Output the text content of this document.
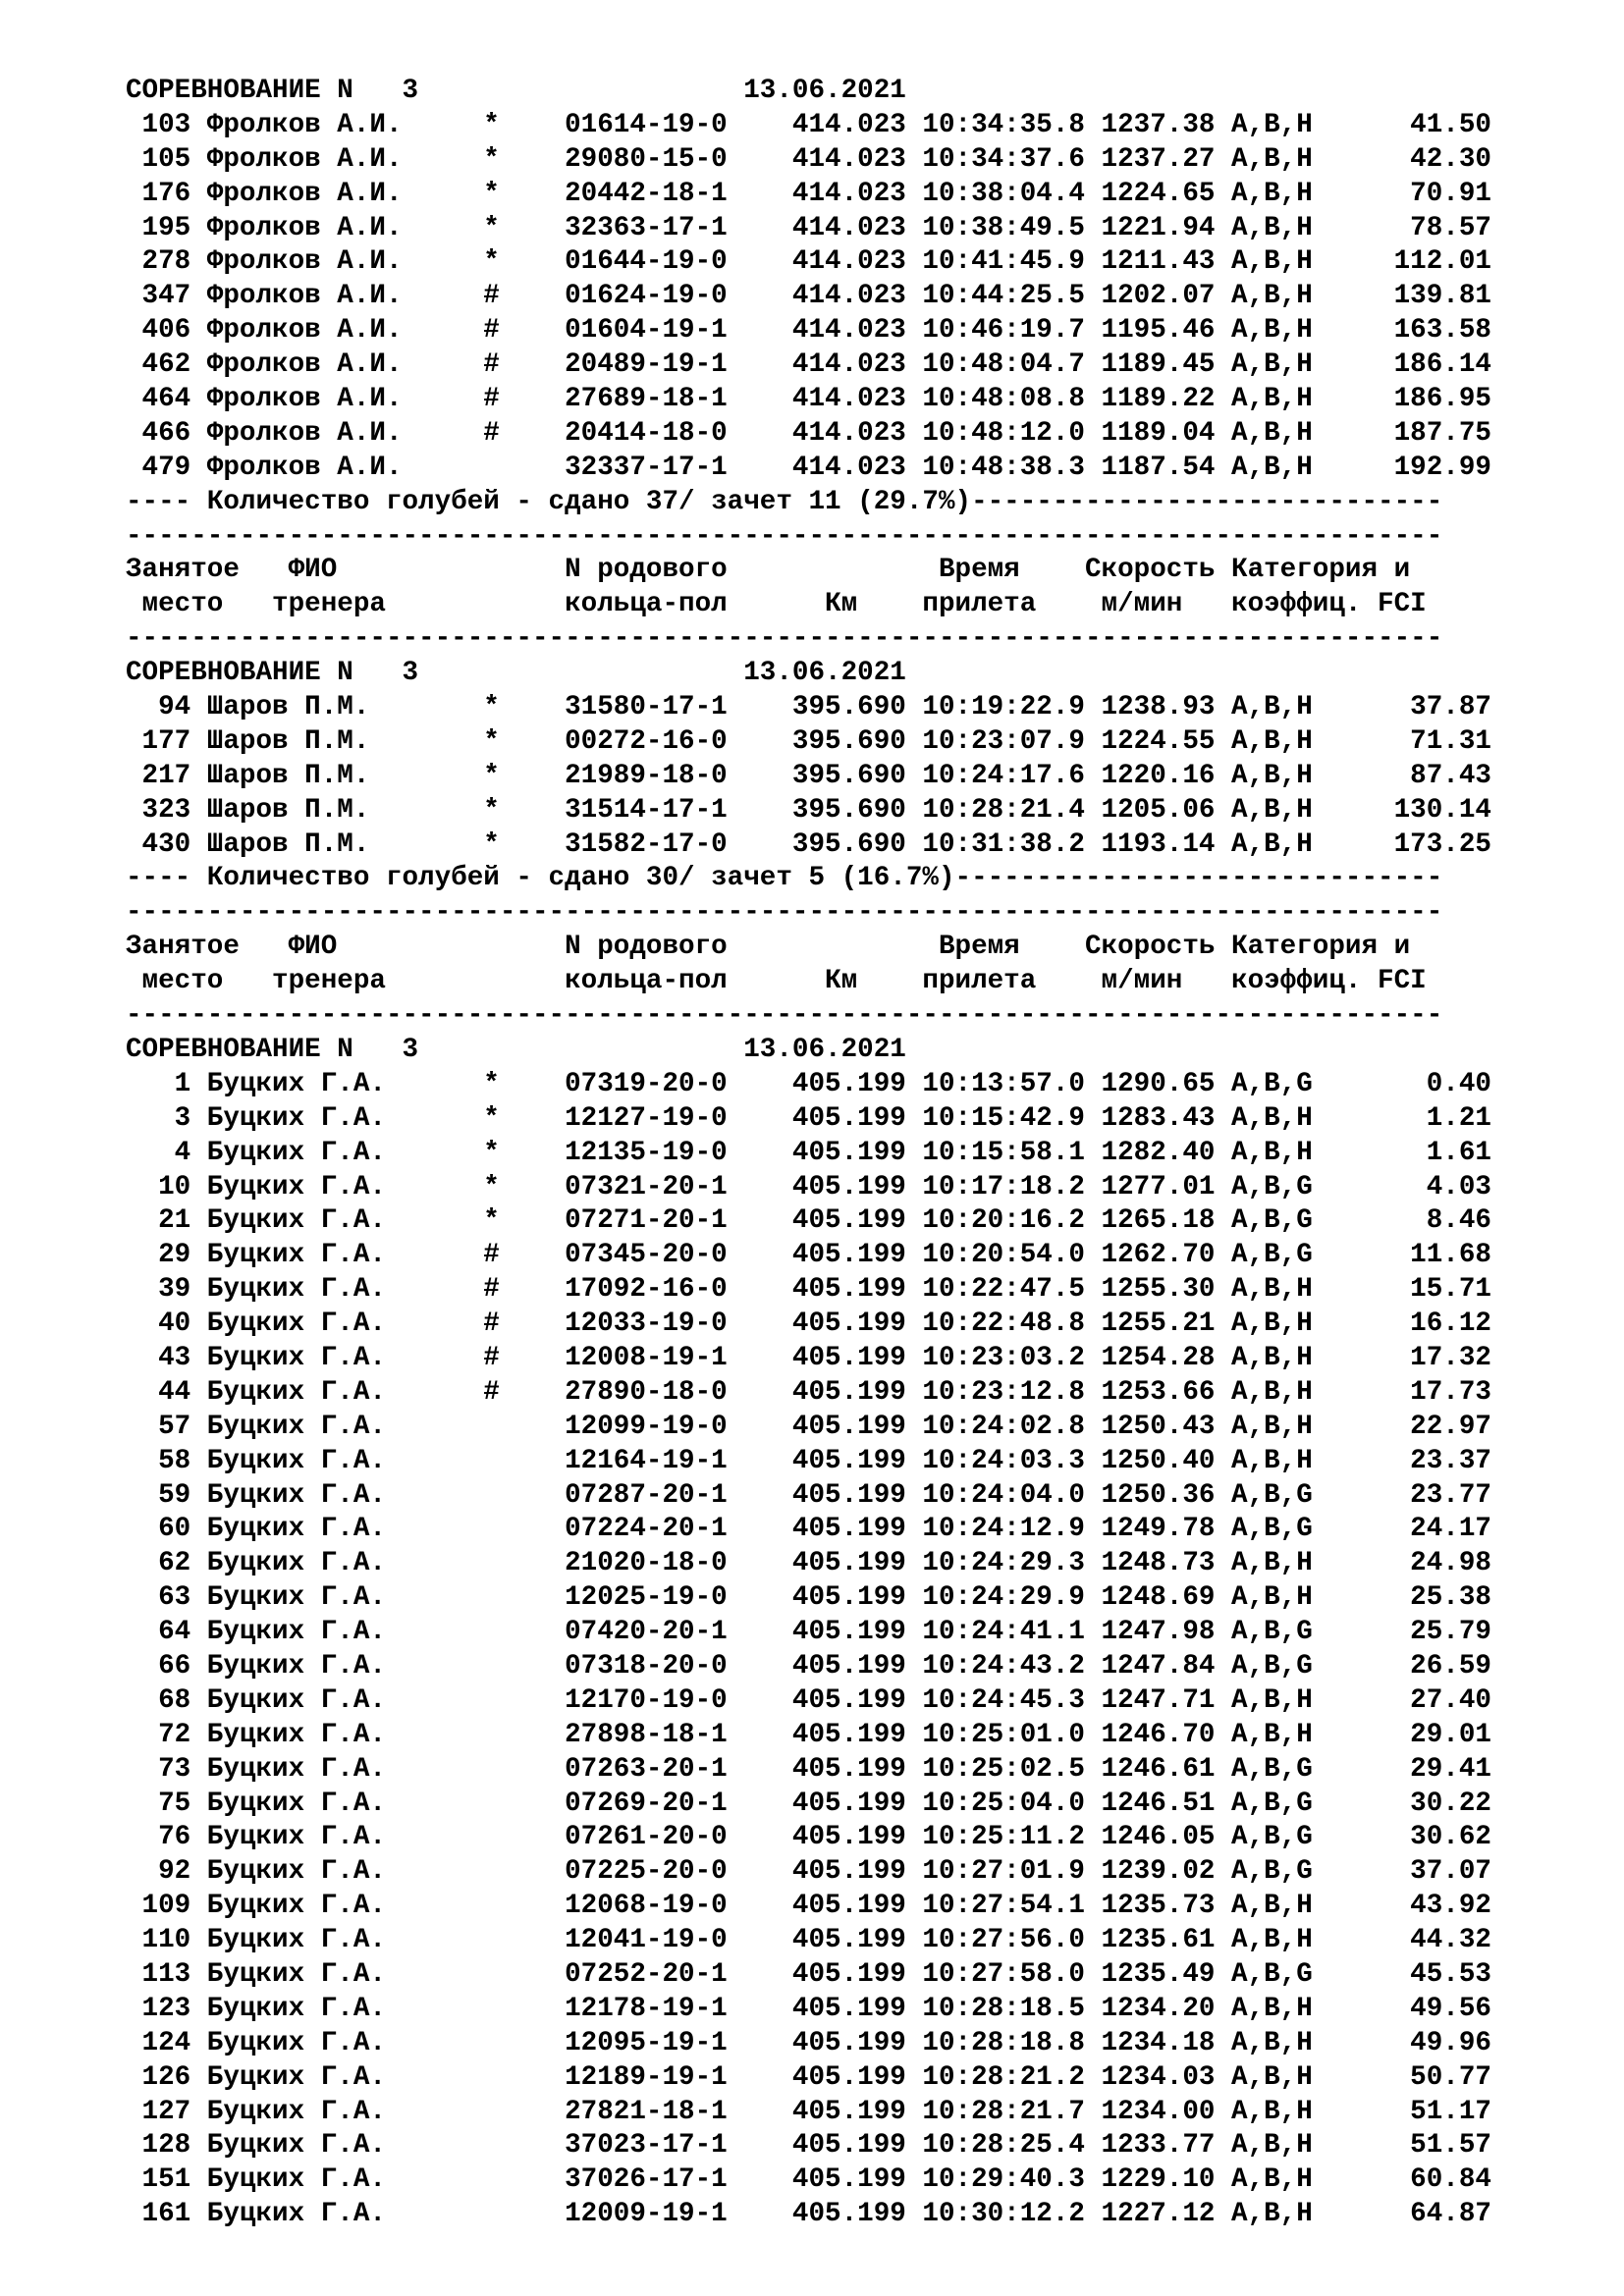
СОРЕВНОВАНИЕ N   3                    13.06.2021
103 Фролков А.И.     *    01614-19-0    414.023 10:34:35.8 1237.38 A,B,H      41.50
105 Фролков А.И.     *    29080-15-0    414.023 10:34:37.6 1237.27 A,B,H      42.30
176 Фролков А.И.     *    20442-18-1    414.023 10:38:04.4 1224.65 A,B,H      70.91
195 Фролков А.И.     *    32363-17-1    414.023 10:38:49.5 1221.94 A,B,H      78.57
278 Фролков А.И.     *    01644-19-0    414.023 10:41:45.9 1211.43 A,B,H     112.01
347 Фролков А.И.     #    01624-19-0    414.023 10:44:25.5 1202.07 A,B,H     139.81
406 Фролков А.И.     #    01604-19-1    414.023 10:46:19.7 1195.46 A,B,H     163.58
462 Фролков А.И.     #    20489-19-1    414.023 10:48:04.7 1189.45 A,B,H     186.14
464 Фролков А.И.     #    27689-18-1    414.023 10:48:08.8 1189.22 A,B,H     186.95
466 Фролков А.И.     #    20414-18-0    414.023 10:48:12.0 1189.04 A,B,H     187.75
479 Фролков А.И.          32337-17-1    414.023 10:48:38.3 1187.54 A,B,H     192.99
---- Количество голубей - сдано 37/ зачет 11 (29.7%)-----------------------------
---------------------------------------------------------------------------------
Занятое   ФИО              N родового             Время    Скорость Категория и
место   тренера           кольца-пол      Км    прилета    м/мин   коэффиц. FCI
---------------------------------------------------------------------------------
СОРЕВНОВАНИЕ N   3                    13.06.2021
94 Шаров П.М.       *    31580-17-1    395.690 10:19:22.9 1238.93 A,B,H      37.87
177 Шаров П.М.       *    00272-16-0    395.690 10:23:07.9 1224.55 A,B,H      71.31
217 Шаров П.М.       *    21989-18-0    395.690 10:24:17.6 1220.16 A,B,H      87.43
323 Шаров П.М.       *    31514-17-1    395.690 10:28:21.4 1205.06 A,B,H     130.14
430 Шаров П.М.       *    31582-17-0    395.690 10:31:38.2 1193.14 A,B,H     173.25
---- Количество голубей - сдано 30/ зачет 5 (16.7%)------------------------------
---------------------------------------------------------------------------------
Занятое   ФИО              N родового             Время    Скорость Категория и
место   тренера           кольца-пол      Км    прилета    м/мин   коэффиц. FCI
---------------------------------------------------------------------------------
СОРЕВНОВАНИЕ N   3                    13.06.2021
1 Буцких Г.А.      *    07319-20-0    405.199 10:13:57.0 1290.65 A,B,G       0.40
3 Буцких Г.А.      *    12127-19-0    405.199 10:15:42.9 1283.43 A,B,H       1.21
4 Буцких Г.А.      *    12135-19-0    405.199 10:15:58.1 1282.40 A,B,H       1.61
10 Буцких Г.А.      *    07321-20-1    405.199 10:17:18.2 1277.01 A,B,G       4.03
21 Буцких Г.А.      *    07271-20-1    405.199 10:20:16.2 1265.18 A,B,G       8.46
29 Буцких Г.А.      #    07345-20-0    405.199 10:20:54.0 1262.70 A,B,G      11.68
39 Буцких Г.А.      #    17092-16-0    405.199 10:22:47.5 1255.30 A,B,H      15.71
40 Буцких Г.А.      #    12033-19-0    405.199 10:22:48.8 1255.21 A,B,H      16.12
43 Буцких Г.А.      #    12008-19-1    405.199 10:23:03.2 1254.28 A,B,H      17.32
44 Буцких Г.А.      #    27890-18-0    405.199 10:23:12.8 1253.66 A,B,H      17.73
57 Буцких Г.А.           12099-19-0    405.199 10:24:02.8 1250.43 A,B,H      22.97
58 Буцких Г.А.           12164-19-1    405.199 10:24:03.3 1250.40 A,B,H      23.37
59 Буцких Г.А.           07287-20-1    405.199 10:24:04.0 1250.36 A,B,G      23.77
60 Буцких Г.А.           07224-20-1    405.199 10:24:12.9 1249.78 A,B,G      24.17
62 Буцких Г.А.           21020-18-0    405.199 10:24:29.3 1248.73 A,B,H      24.98
63 Буцких Г.А.           12025-19-0    405.199 10:24:29.9 1248.69 A,B,H      25.38
64 Буцких Г.А.           07420-20-1    405.199 10:24:41.1 1247.98 A,B,G      25.79
66 Буцких Г.А.           07318-20-0    405.199 10:24:43.2 1247.84 A,B,G      26.59
68 Буцких Г.А.           12170-19-0    405.199 10:24:45.3 1247.71 A,B,H      27.40
72 Буцких Г.А.           27898-18-1    405.199 10:25:01.0 1246.70 A,B,H      29.01
73 Буцких Г.А.           07263-20-1    405.199 10:25:02.5 1246.61 A,B,G      29.41
75 Буцких Г.А.           07269-20-1    405.199 10:25:04.0 1246.51 A,B,G      30.22
76 Буцких Г.А.           07261-20-0    405.199 10:25:11.2 1246.05 A,B,G      30.62
92 Буцких Г.А.           07225-20-0    405.199 10:27:01.9 1239.02 A,B,G      37.07
109 Буцких Г.А.           12068-19-0    405.199 10:27:54.1 1235.73 A,B,H      43.92
110 Буцких Г.А.           12041-19-0    405.199 10:27:56.0 1235.61 A,B,H      44.32
113 Буцких Г.А.           07252-20-1    405.199 10:27:58.0 1235.49 A,B,G      45.53
123 Буцких Г.А.           12178-19-1    405.199 10:28:18.5 1234.20 A,B,H      49.56
124 Буцких Г.А.           12095-19-1    405.199 10:28:18.8 1234.18 A,B,H      49.96
126 Буцких Г.А.           12189-19-1    405.199 10:28:21.2 1234.03 A,B,H      50.77
127 Буцких Г.А.           27821-18-1    405.199 10:28:21.7 1234.00 A,B,H      51.17
128 Буцких Г.А.           37023-17-1    405.199 10:28:25.4 1233.77 A,B,H      51.57
151 Буцких Г.А.           37026-17-1    405.199 10:29:40.3 1229.10 A,B,H      60.84
161 Буцких Г.А.           12009-19-1    405.199 10:30:12.2 1227.12 A,B,H      64.87
